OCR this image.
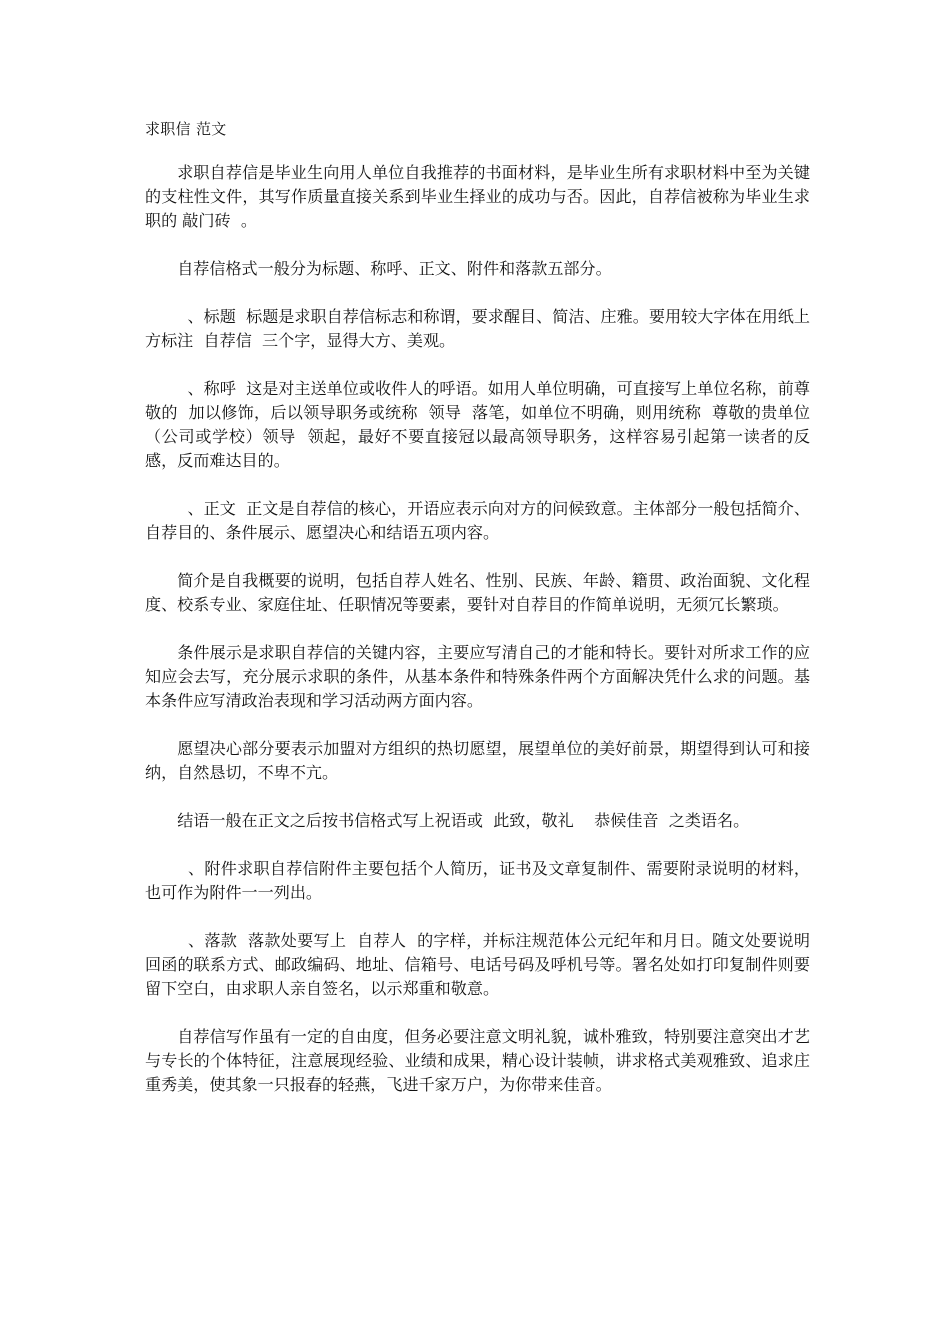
求职信 范文

求职自荐信是毕业生向用人单位自我推荐的书面材料，是毕业生所有求职材料中至为关键的支柱性文件，其写作质量直接关系到毕业生择业的成功与否。因此，自荐信被称为毕业生求职的 敲门砖  。

自荐信格式一般分为标题、称呼、正文、附件和落款五部分。

、标题  标题是求职自荐信标志和称谓，要求醒目、简洁、庄雅。要用较大字体在用纸上方标注  自荐信  三个字，显得大方、美观。

、称呼  这是对主送单位或收件人的呼语。如用人单位明确，可直接写上单位名称，前尊敬的  加以修饰，后以领导职务或统称  领导  落笔，如单位不明确，则用统称  尊敬的贵单位（公司或学校）领导  领起，最好不要直接冠以最高领导职务，这样容易引起第一读者的反感，反而难达目的。

、正文  正文是自荐信的核心，开语应表示向对方的问候致意。主体部分一般包括简介、自荐目的、条件展示、愿望决心和结语五项内容。

简介是自我概要的说明，包括自荐人姓名、性别、民族、年龄、籍贯、政治面貌、文化程度、校系专业、家庭住址、任职情况等要素，要针对自荐目的作简单说明，无须冗长繁琐。

条件展示是求职自荐信的关键内容，主要应写清自己的才能和特长。要针对所求工作的应知应会去写，充分展示求职的条件，从基本条件和特殊条件两个方面解决凭什么求的问题。基本条件应写清政治表现和学习活动两方面内容。

愿望决心部分要表示加盟对方组织的热切愿望，展望单位的美好前景，期望得到认可和接纳，自然恳切，不卑不亢。

结语一般在正文之后按书信格式写上祝语或  此致，敬礼    恭候佳音  之类语名。

、附件求职自荐信附件主要包括个人简历，证书及文章复制件、需要附录说明的材料，也可作为附件一一列出。

、落款  落款处要写上  自荐人  的字样，并标注规范体公元纪年和月日。随文处要说明回函的联系方式、邮政编码、地址、信箱号、电话号码及呼机号等。署名处如打印复制件则要留下空白，由求职人亲自签名，以示郑重和敬意。

自荐信写作虽有一定的自由度，但务必要注意文明礼貌，诚朴雅致，特别要注意突出才艺与专长的个体特征，注意展现经验、业绩和成果，精心设计装帧，讲求格式美观雅致、追求庄重秀美，使其象一只报春的轻燕，飞进千家万户，为你带来佳音。
